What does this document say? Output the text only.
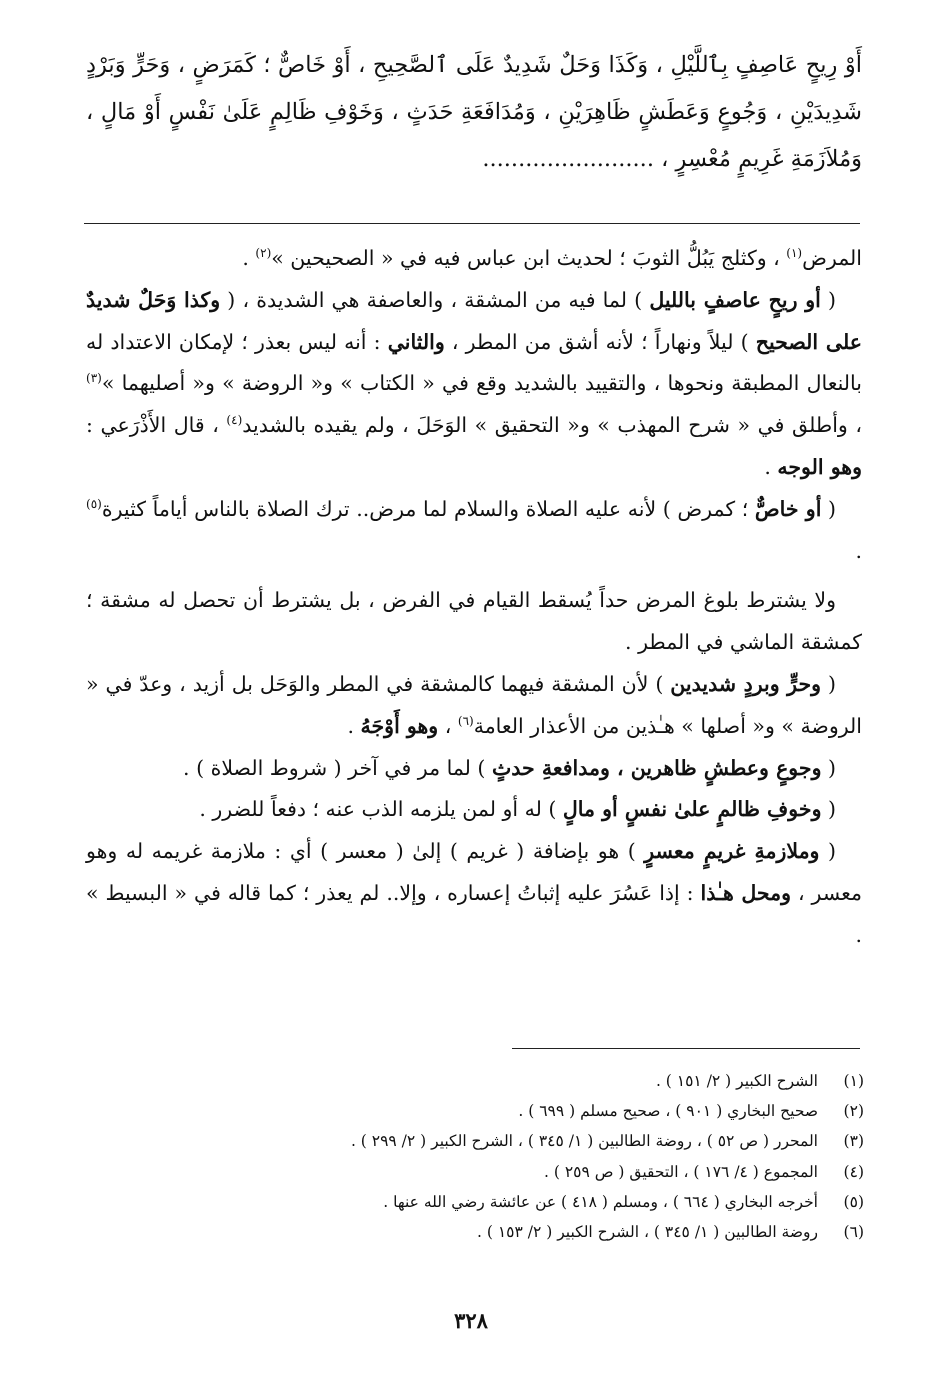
أَوْ رِيحٍ عَاصِفٍ بِٱللَّيْلِ ، وَكَذَا وَحَلٌ شَدِيدٌ عَلَى ٱلصَّحِيحِ ، أَوْ خَاصٌّ ؛ كَمَرَضٍ ، وَحَرٍّ وَبَرْدٍ شَدِيدَيْنِ ، وَجُوعٍ وَعَطَشٍ ظَاهِرَيْنِ ، وَمُدَافَعَةِ حَدَثٍ ، وَخَوْفِ ظَالِمٍ عَلَىٰ نَفْسٍ أَوْ مَالٍ ، وَمُلاَزَمَةِ غَرِيمٍ مُعْسِرٍ ، ........................

المرض$^{(١)}$ ، وكثلج يَبُلُّ الثوبَ ؛ لحديث ابن عباس فيه في « الصحيحين »$^{(٢)}$ .

( أو ريحٍ عاصفٍ بالليل ) لما فيه من المشقة ، والعاصفة هي الشديدة ، ( وكذا وَحَلٌ شديدٌ على الصحيح ) ليلاً ونهاراً ؛ لأنه أشق من المطر ، والثاني : أنه ليس بعذر ؛ لإمكان الاعتداد له بالنعال المطبقة ونحوها ، والتقييد بالشديد وقع في « الكتاب » و« الروضة » و« أصليهما »$^{(٣)}$ ، وأطلق في « شرح المهذب » و« التحقيق » الوَحَلَ ، ولم يقيده بالشديد$^{(٤)}$ ، قال الأَذْرَعي : وهو الوجه .

( أو خاصٌّ ؛ كمرض ) لأنه عليه الصلاة والسلام لما مرض.. ترك الصلاة بالناس أياماً كثيرة$^{(٥)}$ .

ولا يشترط بلوغ المرض حداً يُسقط القيام في الفرض ، بل يشترط أن تحصل له مشقة ؛ كمشقة الماشي في المطر .

( وحرٍّ وبردٍ شديدين ) لأن المشقة فيهما كالمشقة في المطر والوَحَل بل أزيد ، وعدّ في « الروضة » و« أصلها » هـٰذين من الأعذار العامة$^{(٦)}$ ، وهو أَوْجَهُ .

( وجوعٍ وعطشٍ ظاهرين ، ومدافعةِ حدثٍ ) لما مر في آخر ( شروط الصلاة ) .

( وخوفِ ظالمٍ علىٰ نفسٍ أو مالٍ ) له أو لمن يلزمه الذب عنه ؛ دفعاً للضرر .

( وملازمةِ غريمٍ معسرٍ ) هو بإضافة ( غريم ) إلىٰ ( معسر ) أي : ملازمة غريمه له وهو معسر ، ومحل هـٰذا : إذا عَسُرَ عليه إثباتُ إعساره ، وإلا.. لم يعذر ؛ كما قاله في « البسيط » .

(١)
الشرح الكبير ( ٢/ ١٥١ ) .
(٢)
صحيح البخاري ( ٩٠١ ) ، صحيح مسلم ( ٦٩٩ ) .
(٣)
المحرر ( ص ٥٢ ) ، روضة الطالبين ( ١/ ٣٤٥ ) ، الشرح الكبير ( ٢/ ٢٩٩ ) .
(٤)
المجموع ( ٤/ ١٧٦ ) ، التحقيق ( ص ٢٥٩ ) .
(٥)
أخرجه البخاري ( ٦٦٤ ) ، ومسلم ( ٤١٨ ) عن عائشة رضي الله عنها .
(٦)
روضة الطالبين ( ١/ ٣٤٥ ) ، الشرح الكبير ( ٢/ ١٥٣ ) .
٣٢٨
